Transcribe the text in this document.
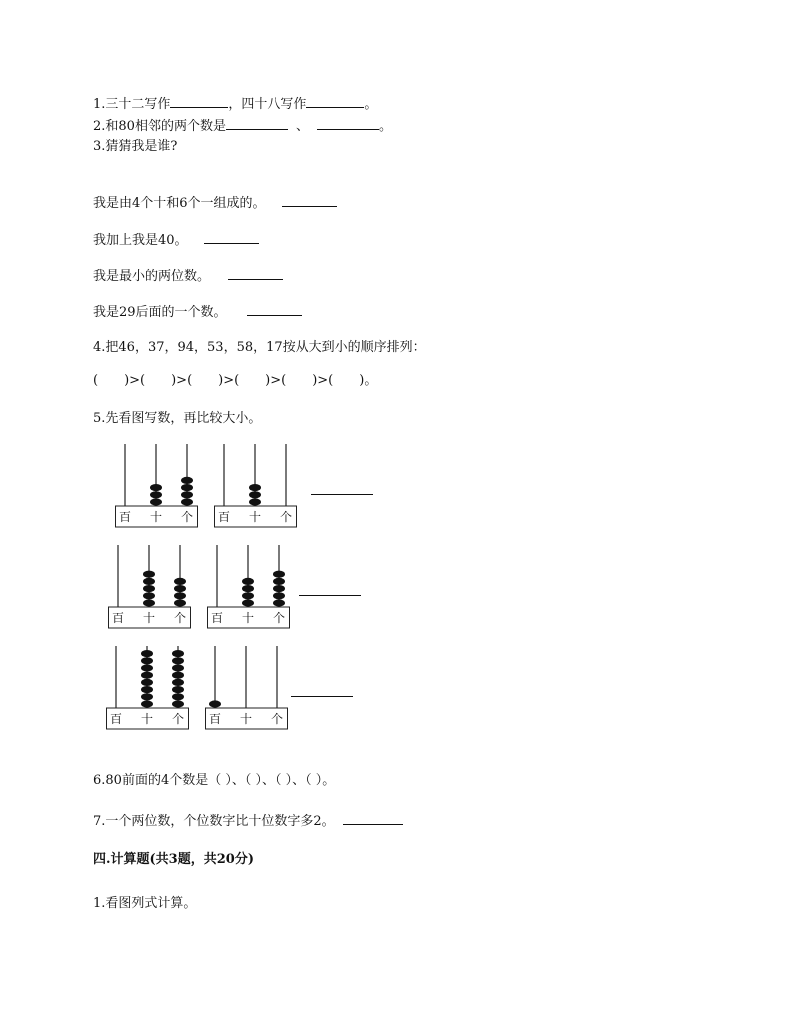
1.三十二写作	，四十八写作	。
2.和80相邻的两个数是	、	。
3.猜猜我是谁?
我是由4个十和6个一组成的。
我加上我是40。
我是最小的两位数。
我是29后面的一个数。
4.把46，37，94，53，58，17按从大到小的顺序排列：
(　　)>(　　)>(　　)>(　　)>(　　)>(　　)。
5.先看图写数，再比较大小。
百 十 个 百 十 个
百 十 个 百 十 个
百 十 个 百 十 个
6.80前面的4个数是（ ）、（ ）、（ ）、（ ）。
7.一个两位数，个位数字比十位数字多2。
四.计算题(共3题，共20分)
1.看图列式计算。
